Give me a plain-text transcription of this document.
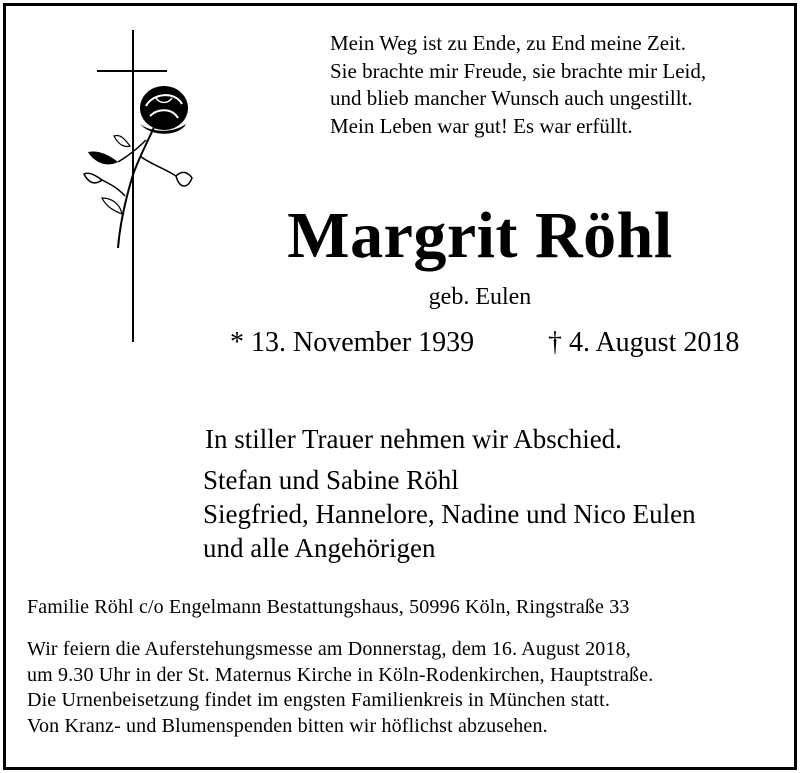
Mein Weg ist zu Ende, zu End meine Zeit.
Sie brachte mir Freude, sie brachte mir Leid,
und blieb mancher Wunsch auch ungestillt.
Mein Leben war gut! Es war erfüllt.
Margrit Röhl
geb. Eulen
* 13. November 1939	† 4. August 2018
In stiller Trauer nehmen wir Abschied.
Stefan und Sabine Röhl
Siegfried, Hannelore, Nadine und Nico Eulen
und alle Angehörigen
Familie Röhl c/o Engelmann Bestattungshaus, 50996 Köln, Ringstraße 33
Wir feiern die Auferstehungsmesse am Donnerstag, dem 16. August 2018,
um 9.30 Uhr in der St. Maternus Kirche in Köln-Rodenkirchen, Hauptstraße.
Die Urnenbeisetzung findet im engsten Familienkreis in München statt.
Von Kranz- und Blumenspenden bitten wir höflichst abzusehen.
